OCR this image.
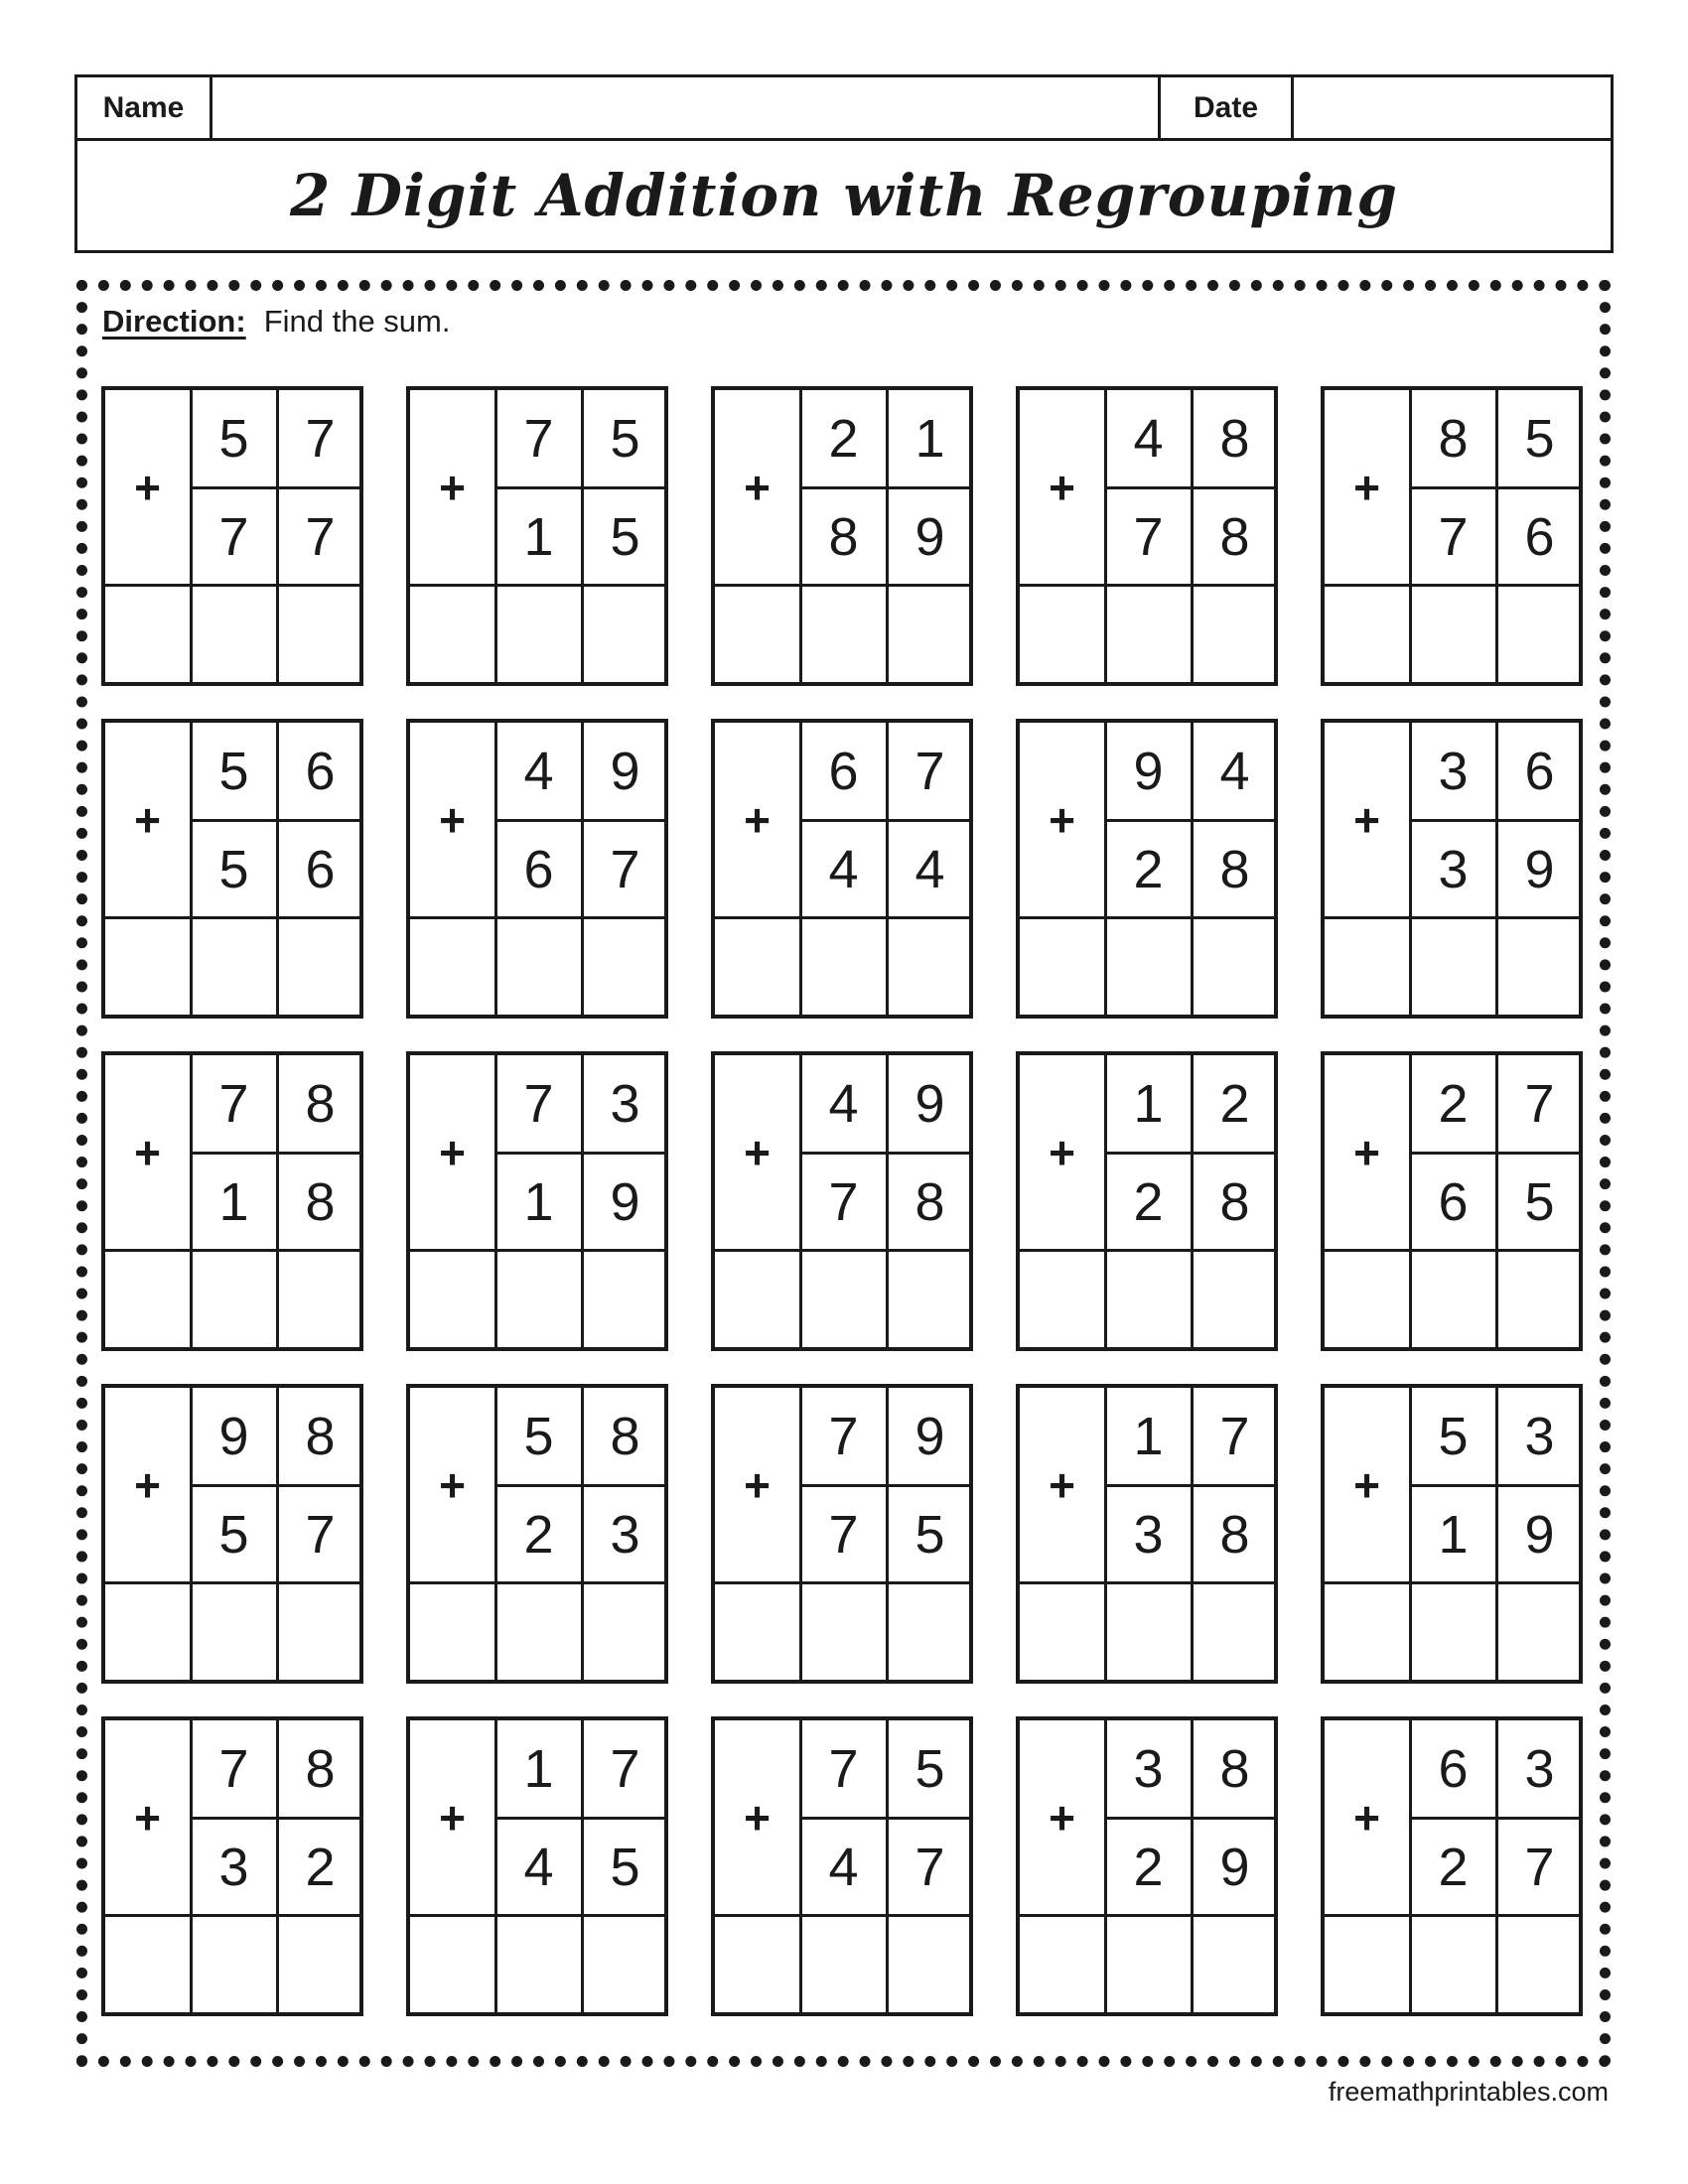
Name	Date
2 Digit Addition with Regrouping
Direction: Find the sum.
+
5	7
7	7
+
7	5
1	5
+
2	1
8	9
+
4	8
7	8
+
8	5
7	6
+
5	6
5	6
+
4	9
6	7
+
6	7
4	4
+
9	4
2	8
+
3	6
3	9
+
7	8
1	8
+
7	3
1	9
+
4	9
7	8
+
1	2
2	8
+
2	7
6	5
+
9	8
5	7
+
5	8
2	3
+
7	9
7	5
+
1	7
3	8
+
5	3
1	9
+
7	8
3	2
+
1	7
4	5
+
7	5
4	7
+
3	8
2	9
+
6	3
2	7
freemathprintables.com
